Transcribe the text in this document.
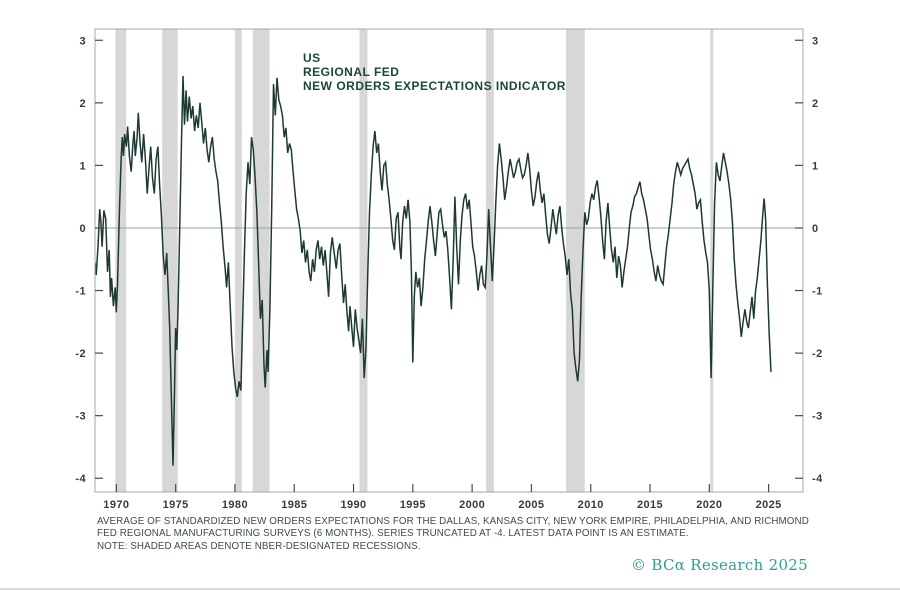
3	3
2	2
1	1
0	0
-1	-1
-2	-2
-3	-3
-4	-4
1970	1975	1980	1985	1990	1995	2000	2005	2010	2015	2020	2025
US
REGIONAL FED
NEW ORDERS EXPECTATIONS INDICATOR
AVERAGE OF STANDARDIZED NEW ORDERS EXPECTATIONS FOR THE DALLAS, KANSAS CITY, NEW YORK EMPIRE, PHILADELPHIA, AND RICHMOND
FED REGIONAL MANUFACTURING SURVEYS (6 MONTHS). SERIES TRUNCATED AT -4. LATEST DATA POINT IS AN ESTIMATE.
NOTE: SHADED AREAS DENOTE NBER-DESIGNATED RECESSIONS.
© BCα Research 2025
